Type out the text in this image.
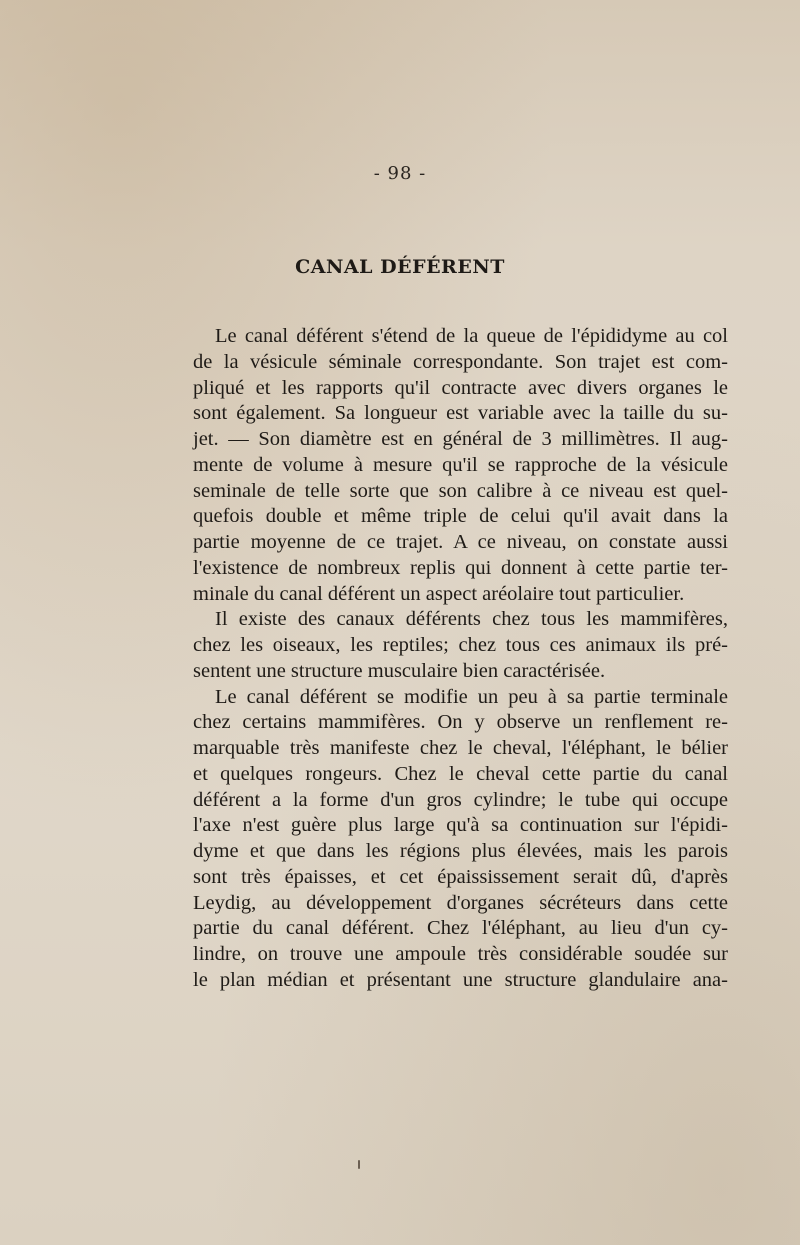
- 98 -
CANAL DÉFÉRENT
Le canal déférent s'étend de la queue de l'épididyme au col
de la vésicule séminale correspondante. Son trajet est com-
pliqué et les rapports qu'il contracte avec divers organes le
sont également. Sa longueur est variable avec la taille du su-
jet. — Son diamètre est en général de 3 millimètres. Il aug-
mente de volume à mesure qu'il se rapproche de la vésicule
seminale de telle sorte que son calibre à ce niveau est quel-
quefois double et même triple de celui qu'il avait dans la
partie moyenne de ce trajet. A ce niveau, on constate aussi
l'existence de nombreux replis qui donnent à cette partie ter-
minale du canal déférent un aspect aréolaire tout particulier.
Il existe des canaux déférents chez tous les mammifères,
chez les oiseaux, les reptiles; chez tous ces animaux ils pré-
sentent une structure musculaire bien caractérisée.
Le canal déférent se modifie un peu à sa partie terminale
chez certains mammifères. On y observe un renflement re-
marquable très manifeste chez le cheval, l'éléphant, le bélier
et quelques rongeurs. Chez le cheval cette partie du canal
déférent a la forme d'un gros cylindre; le tube qui occupe
l'axe n'est guère plus large qu'à sa continuation sur l'épidi-
dyme et que dans les régions plus élevées, mais les parois
sont très épaisses, et cet épaississement serait dû, d'après
Leydig, au développement d'organes sécréteurs dans cette
partie du canal déférent. Chez l'éléphant, au lieu d'un cy-
lindre, on trouve une ampoule très considérable soudée sur
le plan médian et présentant une structure glandulaire ana-
